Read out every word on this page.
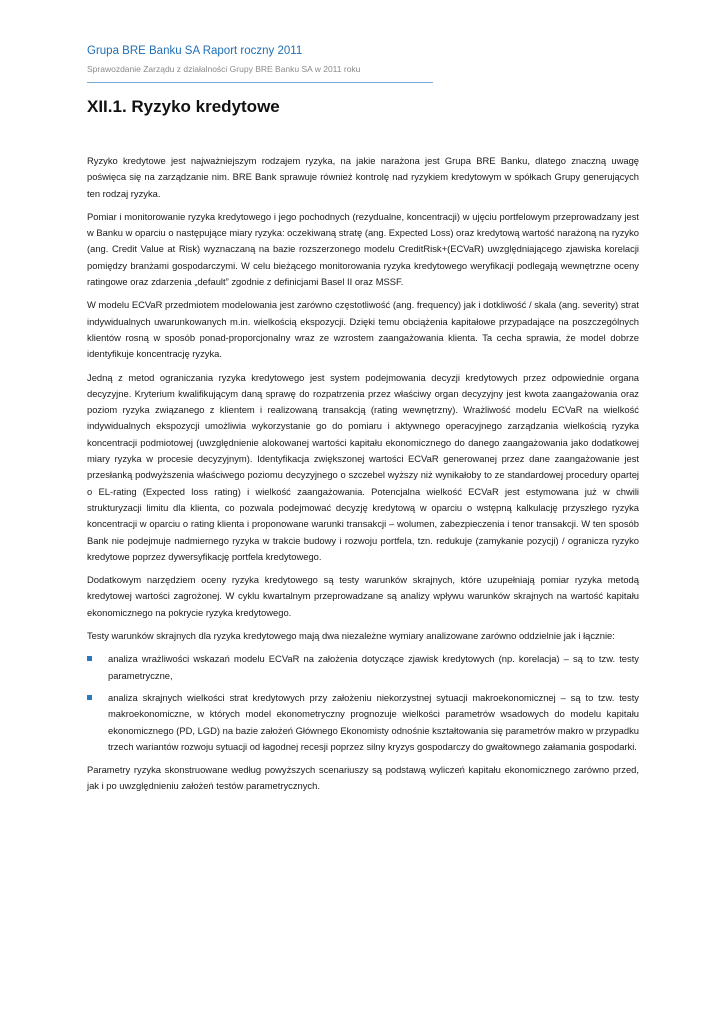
Grupa BRE Banku SA Raport roczny 2011
Sprawozdanie Zarządu z działalności Grupy BRE Banku SA w 2011 roku
XII.1. Ryzyko kredytowe

Ryzyko kredytowe jest najważniejszym rodzajem ryzyka, na jakie narażona jest Grupa BRE Banku, dlatego znaczną uwagę poświęca się na zarządzanie nim. BRE Bank sprawuje również kontrolę nad ryzykiem kredytowym w spółkach Grupy generujących ten rodzaj ryzyka.

Pomiar i monitorowanie ryzyka kredytowego i jego pochodnych (rezydualne, koncentracji) w ujęciu portfelowym przeprowadzany jest w Banku w oparciu o następujące miary ryzyka: oczekiwaną stratę (ang. Expected Loss) oraz kredytową wartość narażoną na ryzyko (ang. Credit Value at Risk) wyznaczaną na bazie rozszerzonego modelu CreditRisk+(ECVaR) uwzględniającego zjawiska korelacji pomiędzy branżami gospodarczymi. W celu bieżącego monitorowania ryzyka kredytowego weryfikacji podlegają wewnętrzne oceny ratingowe oraz zdarzenia „default” zgodnie z definicjami Basel II oraz MSSF.

W modelu ECVaR przedmiotem modelowania jest zarówno częstotliwość (ang. frequency) jak i dotkliwość / skala (ang. severity) strat indywidualnych uwarunkowanych m.in. wielkością ekspozycji. Dzięki temu obciążenia kapitałowe przypadające na poszczególnych klientów rosną w sposób ponad-proporcjonalny wraz ze wzrostem zaangażowania klienta. Ta cecha sprawia, że model dobrze identyfikuje koncentrację ryzyka.

Jedną z metod ograniczania ryzyka kredytowego jest system podejmowania decyzji kredytowych przez odpowiednie organa decyzyjne. Kryterium kwalifikującym daną sprawę do rozpatrzenia przez właściwy organ decyzyjny jest kwota zaangażowania oraz poziom ryzyka związanego z klientem i realizowaną transakcją (rating wewnętrzny). Wrażliwość modelu ECVaR na wielkość indywidualnych ekspozycji umożliwia wykorzystanie go do pomiaru i aktywnego operacyjnego zarządzania wielkością ryzyka koncentracji podmiotowej (uwzględnienie alokowanej wartości kapitału ekonomicznego do danego zaangażowania jako dodatkowej miary ryzyka w procesie decyzyjnym). Identyfikacja zwiększonej wartości ECVaR generowanej przez dane zaangażowanie jest przesłanką podwyższenia właściwego poziomu decyzyjnego o szczebel wyższy niż wynikałoby to ze standardowej procedury opartej o EL-rating (Expected loss rating) i wielkość zaangażowania. Potencjalna wielkość ECVaR jest estymowana już w chwili strukturyzacji limitu dla klienta, co pozwala podejmować decyzję kredytową w oparciu o wstępną kalkulację przyszłego ryzyka koncentracji w oparciu o rating klienta i proponowane warunki transakcji – wolumen, zabezpieczenia i tenor transakcji. W ten sposób Bank nie podejmuje nadmiernego ryzyka w trakcie budowy i rozwoju portfela, tzn. redukuje (zamykanie pozycji) / ogranicza ryzyko kredytowe poprzez dywersyfikację portfela kredytowego.

Dodatkowym narzędziem oceny ryzyka kredytowego są testy warunków skrajnych, które uzupełniają pomiar ryzyka metodą kredytowej wartości zagrożonej. W cyklu kwartalnym przeprowadzane są analizy wpływu warunków skrajnych na wartość kapitału ekonomicznego na pokrycie ryzyka kredytowego.

Testy warunków skrajnych dla ryzyka kredytowego mają dwa niezależne wymiary analizowane zarówno oddzielnie jak i łącznie:

analiza wrażliwości wskazań modelu ECVaR na założenia dotyczące zjawisk kredytowych (np. korelacja) – są to tzw. testy parametryczne,
analiza skrajnych wielkości strat kredytowych przy założeniu niekorzystnej sytuacji makroekonomicznej – są to tzw. testy makroekonomiczne, w których model ekonometryczny prognozuje wielkości parametrów wsadowych do modelu kapitału ekonomicznego (PD, LGD) na bazie założeń Głównego Ekonomisty odnośnie kształtowania się parametrów makro w przypadku trzech wariantów rozwoju sytuacji od łagodnej recesji poprzez silny kryzys gospodarczy do gwałtownego załamania gospodarki.

Parametry ryzyka skonstruowane według powyższych scenariuszy są podstawą wyliczeń kapitału ekonomicznego zarówno przed, jak i po uwzględnieniu założeń testów parametrycznych.
